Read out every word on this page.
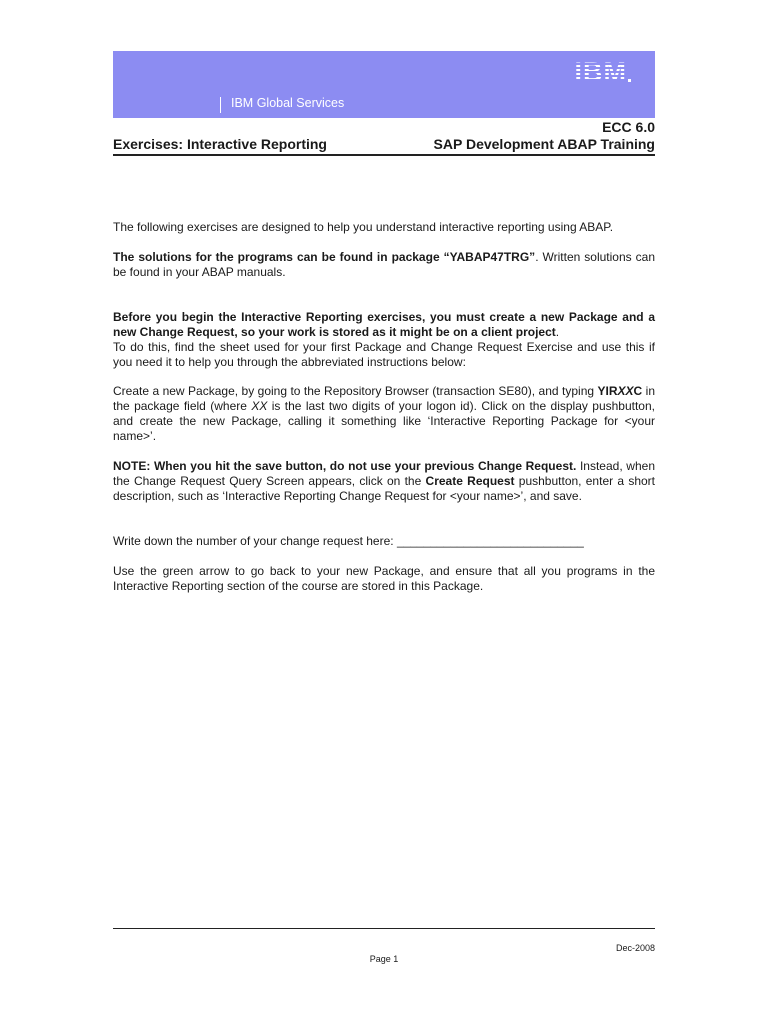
IBM
IBM Global Services
ECC 6.0
Exercises: Interactive Reporting	SAP Development ABAP Training
The following exercises are designed to help you understand interactive reporting using ABAP.
The solutions for the programs can be found in package “YABAP47TRG”. Written solutions can be found in your ABAP manuals.
Before you begin the Interactive Reporting exercises, you must create a new Package and a new Change Request, so your work is stored as it might be on a client project.
To do this, find the sheet used for your first Package and Change Request Exercise and use this if you need it to help you through the abbreviated instructions below:
Create a new Package, by going to the Repository Browser (transaction SE80), and typing YIRXXC in the package field (where XX is the last two digits of your logon id). Click on the display pushbutton, and create the new Package, calling it something like ‘Interactive Reporting Package for <your name>’.
NOTE: When you hit the save button, do not use your previous Change Request. Instead, when the Change Request Query Screen appears, click on the Create Request pushbutton, enter a short description, such as ‘Interactive Reporting Change Request for <your name>’, and save.
Write down the number of your change request here: ____________________________
Use the green arrow to go back to your new Package, and ensure that all you programs in the Interactive Reporting section of the course are stored in this Package.
Dec-2008
Page 1
